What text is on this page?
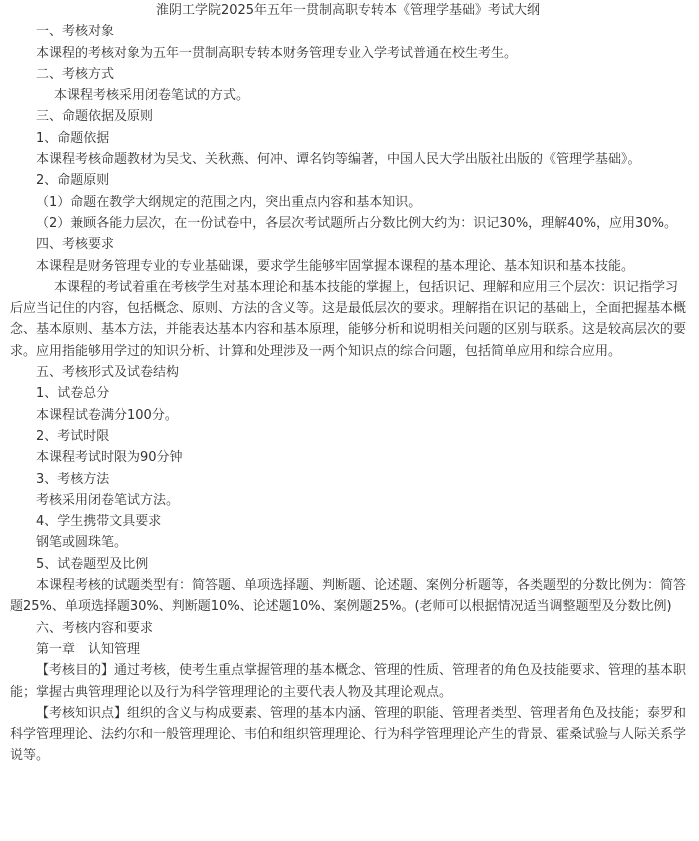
淮阴工学院2025年五年一贯制高职专转本《管理学基础》考试大纲

一、考核对象

本课程的考核对象为五年一贯制高职专转本财务管理专业入学考试普通在校生考生。

二、考核方式

本课程考核采用闭卷笔试的方式。

三、命题依据及原则

1、命题依据

本课程考核命题教材为吴戈、关秋燕、何冲、谭名钧等编著，中国人民大学出版社出版的《管理学基础》。

2、命题原则

（1）命题在教学大纲规定的范围之内，突出重点内容和基本知识。

（2）兼顾各能力层次，在一份试卷中，各层次考试题所占分数比例大约为：识记30%，理解40%，应用30%。

四、考核要求

本课程是财务管理专业的专业基础课，要求学生能够牢固掌握本课程的基本理论、基本知识和基本技能。

本课程的考试着重在考核学生对基本理论和基本技能的掌握上，包括识记、理解和应用三个层次：识记指学习后应当记住的内容，包括概念、原则、方法的含义等。这是最低层次的要求。理解指在识记的基础上，全面把握基本概念、基本原则、基本方法，并能表达基本内容和基本原理，能够分析和说明相关问题的区别与联系。这是较高层次的要求。应用指能够用学过的知识分析、计算和处理涉及一两个知识点的综合问题，包括简单应用和综合应用。

五、考核形式及试卷结构

1、试卷总分

本课程试卷满分100分。

2、考试时限

本课程考试时限为90分钟

3、考核方法

考核采用闭卷笔试方法。

4、学生携带文具要求

钢笔或圆珠笔。

5、试卷题型及比例

本课程考核的试题类型有：简答题、单项选择题、判断题、论述题、案例分析题等，各类题型的分数比例为：简答题25%、单项选择题30%、判断题10%、论述题10%、案例题25%。(老师可以根据情况适当调整题型及分数比例)

六、考核内容和要求

第一章　认知管理

【考核目的】通过考核，使考生重点掌握管理的基本概念、管理的性质、管理者的角色及技能要求、管理的基本职能；掌握古典管理理论以及行为科学管理理论的主要代表人物及其理论观点。

【考核知识点】组织的含义与构成要素、管理的基本内涵、管理的职能、管理者类型、管理者角色及技能；泰罗和科学管理理论、法约尔和一般管理理论、韦伯和组织管理理论、行为科学管理理论产生的背景、霍桑试验与人际关系学说等。
